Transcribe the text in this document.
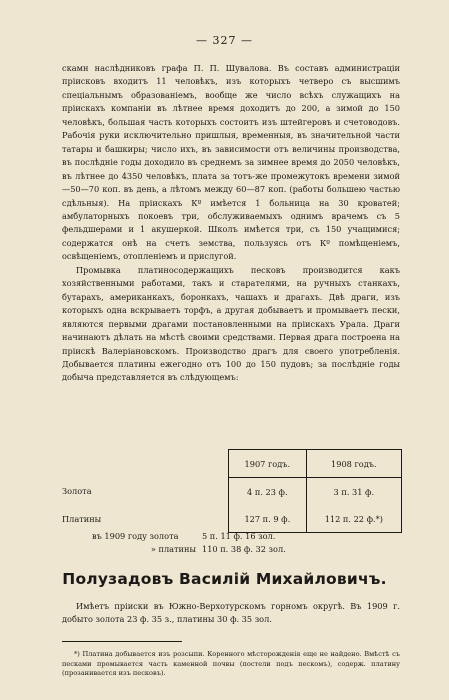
— 327 —

скамн наслѣдниковъ графа П. П. Шувалова. Въ составъ администраціи пріисковъ входитъ 11 человѣкъ, изъ которыхъ четверо съ высшимъ спеціальнымъ образованіемъ, вообще же число всѣхъ служащихъ на пріискахъ компаніи въ лѣтнее время доходитъ до 200, а зимой до 150 человѣкъ, большая часть которыхъ состоитъ изъ штейгеровъ и счетоводовъ. Рабочія руки исключительно пришлыя, временныя, въ значительной части татары и башкиры; число ихъ, въ зависимости отъ величины производства, въ послѣдніе годы доходило въ среднемъ за зимнее время до 2050 человѣкъ, въ лѣтнее до 4350 человѣкъ, плата за тотъ-же промежутокъ времени зимой—50—70 коп. въ день, а лѣтомъ между 60—87 коп. (работы большею частью сдѣльныя). На пріискахъ Кº имѣется 1 больница на 30 кроватей; амбулаторныхъ покоевъ три, обслуживаемыхъ однимъ врачемъ съ 5 фельдшерами и 1 акушеркой. Школъ имѣется три, съ 150 учащимися; содержатся онѣ на счетъ земства, пользуясь отъ Кº помѣщеніемъ, освѣщеніемъ, отопленіемъ и прислугой.

Промывка платиносодержащихъ песковъ производится какъ хозяйственными работами, такъ и старателями, на ручныхъ станкахъ, бутарахъ, американкахъ, боронкахъ, чашахъ и драгахъ. Двѣ драги, изъ которыхъ одна вскрываетъ торфъ, а другая добываетъ и промываетъ пески, являются первыми драгами постановленными на пріискахъ Урала. Драги начинаютъ дѣлать на мѣстѣ своими средствами. Первая драга построена на пріискѣ Валеріановскомъ. Производство драгъ для своего употребленія. Добывается платины ежегодно отъ 100 до 150 пудовъ; за послѣдніе годы добыча представляется въ слѣдующемъ:

	1907 годъ.	1908 годъ.
Золота	4 п. 23 ф.	3 п. 31 ф.
Платины	127 п. 9 ф.	112 п. 22 ф.*)
въ 1909 году золота	5 п. 11 ф. 16 зол.
» платины 110 п. 38 ф. 32 зол.
Полузадовъ Василій Михайловичъ.

Имѣетъ пріиски въ Южно-Верхотурскомъ горномъ округѣ. Въ 1909 г. добыто золота 23 ф. 35 з., платины 30 ф. 35 зол.

*) Платина добывается изъ розсыпи. Коренного мѣсторожденія еще не найдено. Вмѣстѣ съ песками промывается часть каменной почвы (постели подъ пескомъ), содерж. платину (прозанивается изъ песковъ).
